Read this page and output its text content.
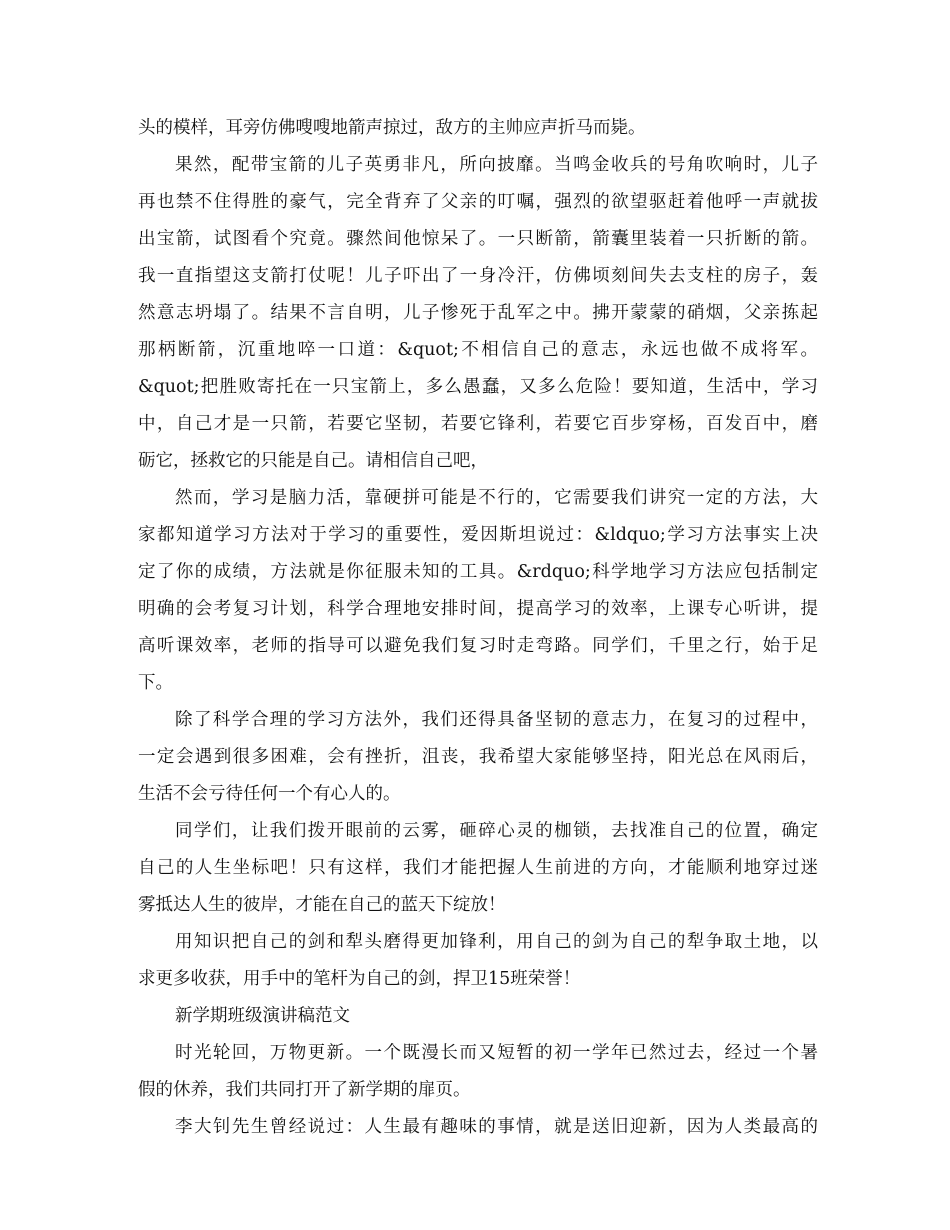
头的模样，耳旁仿佛嗖嗖地箭声掠过，敌方的主帅应声折马而毙。
果然，配带宝箭的儿子英勇非凡，所向披靡。当鸣金收兵的号角吹响时，儿子
再也禁不住得胜的豪气，完全背弃了父亲的叮嘱，强烈的欲望驱赶着他呼一声就拔
出宝箭，试图看个究竟。骤然间他惊呆了。一只断箭，箭囊里装着一只折断的箭。
我一直指望这支箭打仗呢！儿子吓出了一身冷汗，仿佛顷刻间失去支柱的房子，轰
然意志坍塌了。结果不言自明，儿子惨死于乱军之中。拂开蒙蒙的硝烟，父亲拣起
那柄断箭，沉重地啐一口道：&quot;不相信自己的意志，永远也做不成将军。
&quot;把胜败寄托在一只宝箭上，多么愚蠢，又多么危险！要知道，生活中，学习
中，自己才是一只箭，若要它坚韧，若要它锋利，若要它百步穿杨，百发百中，磨
砺它，拯救它的只能是自己。请相信自己吧，
然而，学习是脑力活，靠硬拼可能是不行的，它需要我们讲究一定的方法，大
家都知道学习方法对于学习的重要性，爱因斯坦说过：&ldquo;学习方法事实上决
定了你的成绩，方法就是你征服未知的工具。&rdquo;科学地学习方法应包括制定
明确的会考复习计划，科学合理地安排时间，提高学习的效率，上课专心听讲，提
高听课效率，老师的指导可以避免我们复习时走弯路。同学们，千里之行，始于足
下。
除了科学合理的学习方法外，我们还得具备坚韧的意志力，在复习的过程中，
一定会遇到很多困难，会有挫折，沮丧，我希望大家能够坚持，阳光总在风雨后，
生活不会亏待任何一个有心人的。
同学们，让我们拨开眼前的云雾，砸碎心灵的枷锁，去找准自己的位置，确定
自己的人生坐标吧！只有这样，我们才能把握人生前进的方向，才能顺利地穿过迷
雾抵达人生的彼岸，才能在自己的蓝天下绽放！
用知识把自己的剑和犁头磨得更加锋利，用自己的剑为自己的犁争取土地，以
求更多收获，用手中的笔杆为自己的剑，捍卫15班荣誉！
新学期班级演讲稿范文
时光轮回，万物更新。一个既漫长而又短暂的初一学年已然过去，经过一个暑
假的休养，我们共同打开了新学期的扉页。
李大钊先生曾经说过：人生最有趣味的事情，就是送旧迎新，因为人类最高的
